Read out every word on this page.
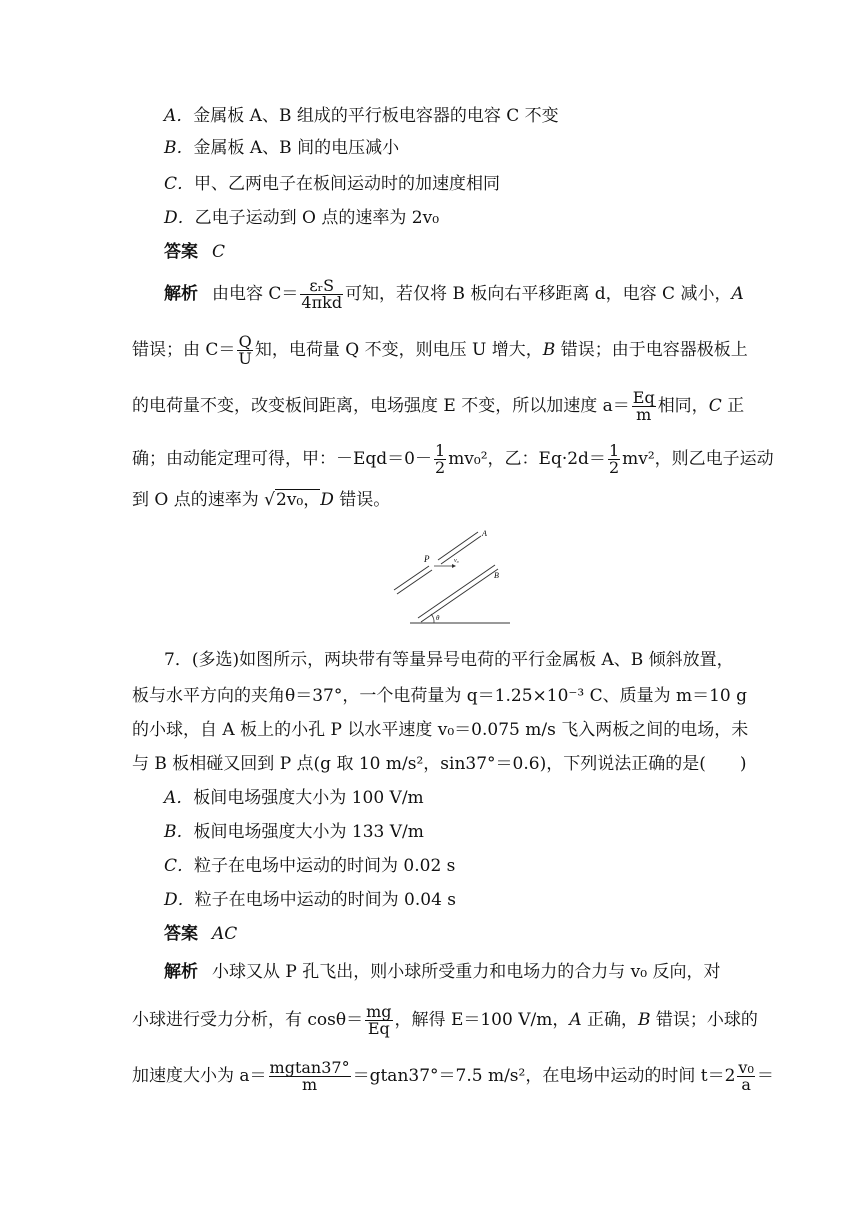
A．金属板 A、B 组成的平行板电容器的电容 C 不变
B．金属板 A、B 间的电压减小
C．甲、乙两电子在板间运动时的加速度相同
D．乙电子运动到 O 点的速率为 2v₀
答案 C
解析 由电容 $C= \frac{\text{εᵣS}}{\text{4πkd}}$ 可知，若仅将 B 板向右平移距离 d，电容 C 减小，A
错误；由 $C= \frac{Q}{U}$ 知，电荷量 Q 不变，则电压 U 增大，B 错误；由于电容器极板上
的电荷量不变，改变板间距离，电场强度 E 不变，所以加速度 $a= \frac{Eq}{m}$ 相同，C 正
确；由动能定理可得，甲：$-Eqd=0- \frac{1}{2} mv_0^2$，乙：$Eq\cdot 2d= \frac{1}{2} mv^2$，则乙电子运动
到 O 点的速率为 √2v₀，D 错误。
P
A
B
v₀
θ
7．(多选)如图所示，两块带有等量异号电荷的平行金属板 A、B 倾斜放置，
板与水平方向的夹角θ＝37°，一个电荷量为 q＝1.25×10⁻³ C、质量为 m＝10 g
的小球，自 A 板上的小孔 P 以水平速度 v₀＝0.075 m/s 飞入两板之间的电场，未
与 B 板相碰又回到 P 点(g 取 10 m/s²，sin37°＝0.6)，下列说法正确的是(　　)
A．板间电场强度大小为 100 V/m
B．板间电场强度大小为 133 V/m
C．粒子在电场中运动的时间为 0.02 s
D．粒子在电场中运动的时间为 0.04 s
答案 AC
解析 小球又从 P 孔飞出，则小球所受重力和电场力的合力与 v₀ 反向，对
小球进行受力分析，有 $\cos\theta= \frac{mg}{Eq}$ ，解得 E＝100 V/m，A 正确，B 错误；小球的
加速度大小为 $a= \frac{mgtan37^\circ}{m} =gtan37^\circ=7.5$ m/s²，在电场中运动的时间 $t=2 \frac{\text{v₀}}{a}$ ＝
